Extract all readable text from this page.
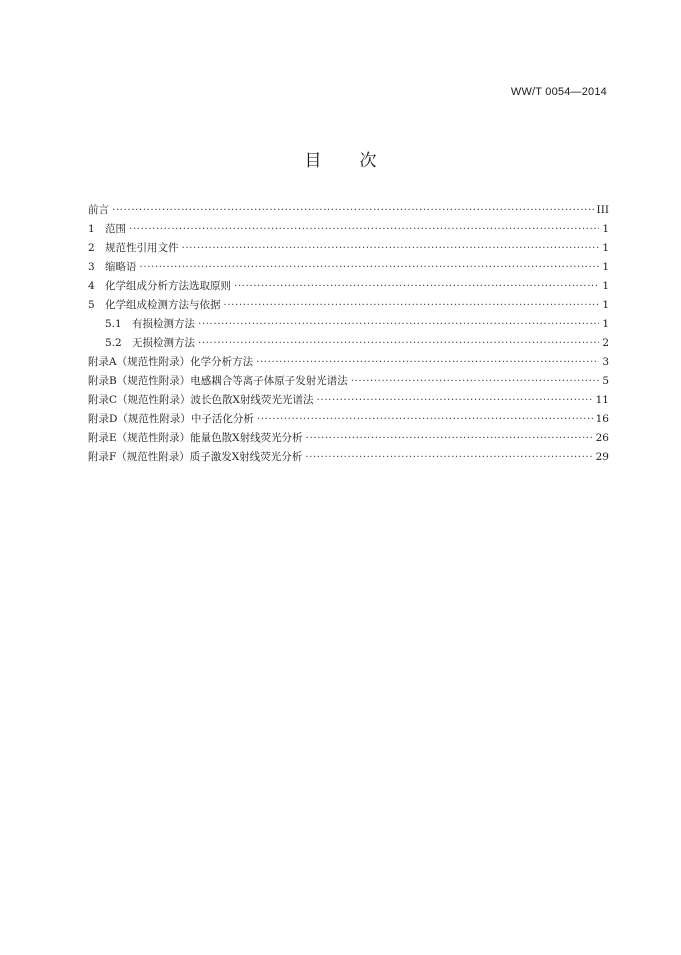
WW/T 0054—2014
目次
前言 ·····	III
1 范围 ·····	1
2 规范性引用文件 ·····	1
3 缩略语 ·····	1
4 化学组成分析方法选取原则 ·····	1
5 化学组成检测方法与依据 ·····	1
5.1 有损检测方法 ·····	1
5.2 无损检测方法 ·····	2
附录A（规范性附录）化学分析方法 ·····	3
附录B（规范性附录）电感耦合等离子体原子发射光谱法 ·····	5
附录C（规范性附录）波长色散X射线荧光光谱法 ·····	11
附录D（规范性附录）中子活化分析 ·····	16
附录E（规范性附录）能量色散X射线荧光分析 ·····	26
附录F（规范性附录）质子激发X射线荧光分析 ·····	29
